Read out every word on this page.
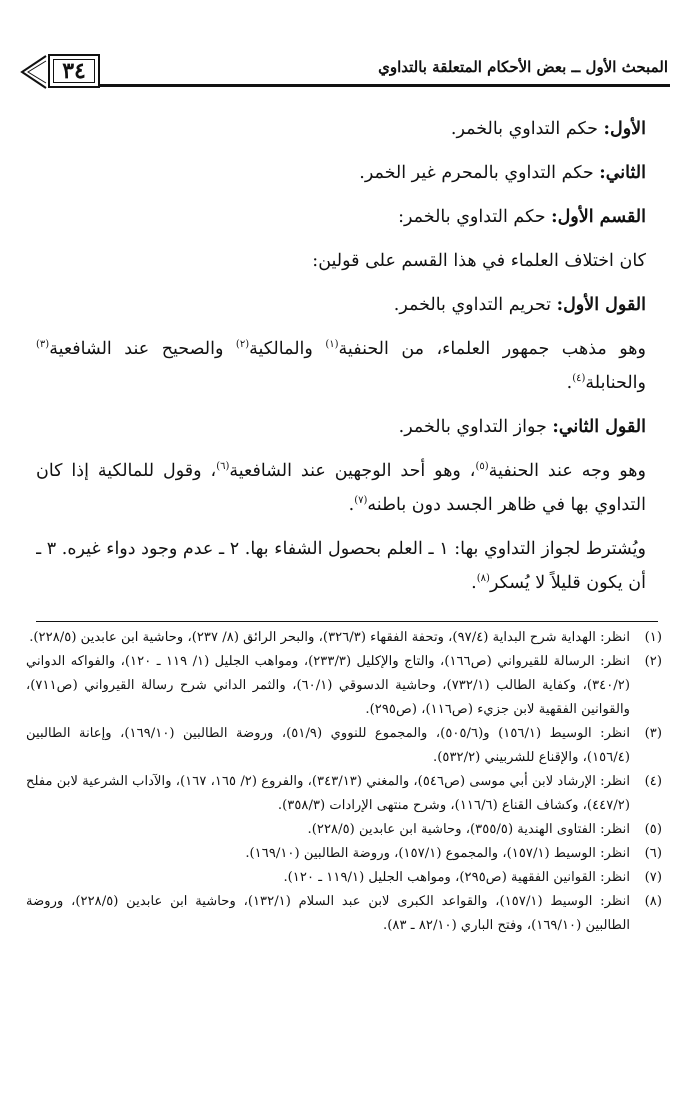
المبحث الأول ــ بعض الأحكام المتعلقة بالتداوي
٣٤

الأول: حكم التداوي بالخمر.

الثاني: حكم التداوي بالمحرم غير الخمر.

القسم الأول: حكم التداوي بالخمر:

كان اختلاف العلماء في هذا القسم على قولين:

القول الأول: تحريم التداوي بالخمر.

وهو مذهب جمهور العلماء، من الحنفية$^{(١)}$ والمالكية$^{(٢)}$ والصحيح عند الشافعية$^{(٣)}$ والحنابلة$^{(٤)}$.

القول الثاني: جواز التداوي بالخمر.

وهو وجه عند الحنفية$^{(٥)}$، وهو أحد الوجهين عند الشافعية$^{(٦)}$، وقول للمالكية إذا كان التداوي بها في ظاهر الجسد دون باطنه$^{(٧)}$.

ويُشترط لجواز التداوي بها: ١ ـ العلم بحصول الشفاء بها. ٢ ـ عدم وجود دواء غيره. ٣ ـ أن يكون قليلاً لا يُسكر$^{(٨)}$.

(١)
انظر: الهداية شرح البداية (٩٧/٤)، وتحفة الفقهاء (٣٢٦/٣)، والبحر الرائق (٨/ ٢٣٧)، وحاشية ابن عابدين (٢٢٨/٥).
(٢)
انظر: الرسالة للقيرواني (ص١٦٦)، والتاج والإكليل (٢٣٣/٣)، ومواهب الجليل (١/ ١١٩ ـ ١٢٠)، والفواكه الدواني (٣٤٠/٢)، وكفاية الطالب (٧٣٢/١)، وحاشية الدسوقي (٦٠/١)، والثمر الداني شرح رسالة القيرواني (ص٧١١)، والقوانين الفقهية لابن جزيء (ص١١٦)، (ص٢٩٥).
(٣)
انظر: الوسيط (١٥٦/١) و(٥٠٥/٦)، والمجموع للنووي (٥١/٩)، وروضة الطالبين (١٦٩/١٠)، وإعانة الطالبين (١٥٦/٤)، والإقناع للشربيني (٥٣٢/٢).
(٤)
انظر: الإرشاد لابن أبي موسى (ص٥٤٦)، والمغني (٣٤٣/١٣)، والفروع (٢/ ١٦٥، ١٦٧)، والآداب الشرعية لابن مفلح (٤٤٧/٢)، وكشاف القناع (١١٦/٦)، وشرح منتهى الإرادات (٣٥٨/٣).
(٥)
انظر: الفتاوى الهندية (٣٥٥/٥)، وحاشية ابن عابدين (٢٢٨/٥).
(٦)
انظر: الوسيط (١٥٧/١)، والمجموع (١٥٧/١)، وروضة الطالبين (١٦٩/١٠).
(٧)
انظر: القوانين الفقهية (ص٢٩٥)، ومواهب الجليل (١١٩/١ ـ ١٢٠).
(٨)
انظر: الوسيط (١٥٧/١)، والقواعد الكبرى لابن عبد السلام (١٣٢/١)، وحاشية ابن عابدين (٢٢٨/٥)، وروضة الطالبين (١٦٩/١٠)، وفتح الباري (٨٢/١٠ ـ ٨٣).
